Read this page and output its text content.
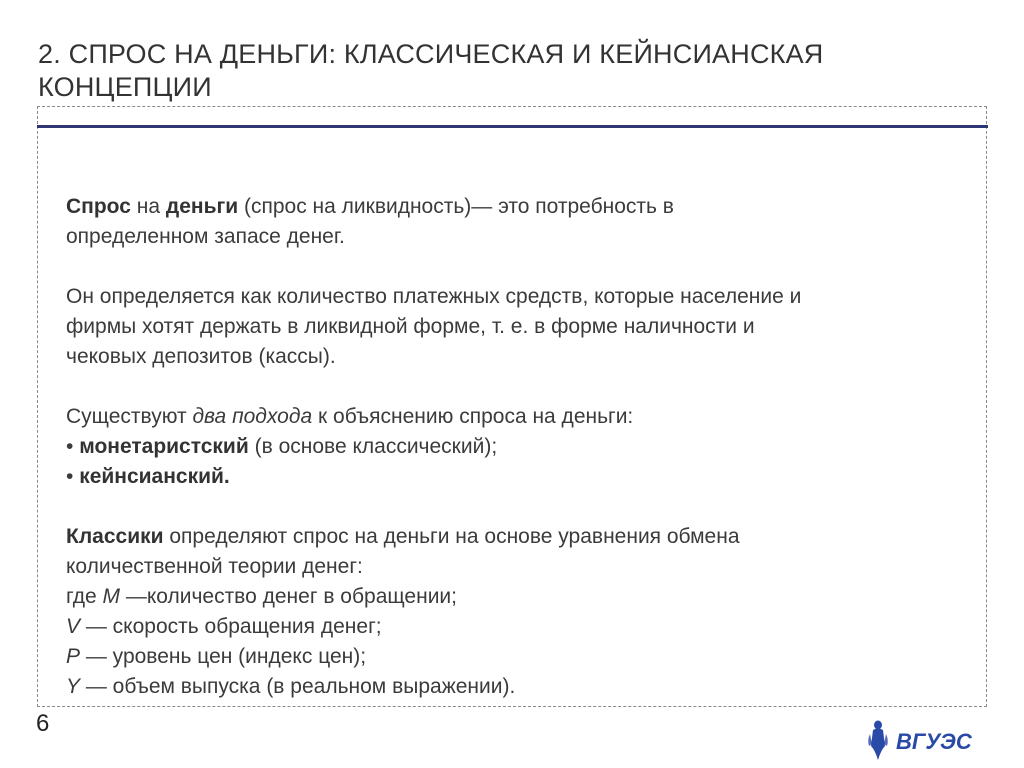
2. СПРОС НА ДЕНЬГИ: КЛАССИЧЕСКАЯ И КЕЙНСИАНСКАЯ
КОНЦЕПЦИИ

Спрос на деньги (спрос на ликвидность)— это потребность в
определенном запасе денег.

Он определяется как количество платежных средств, которые население и
фирмы хотят держать в ликвидной форме, т. е. в форме наличности и
чековых депозитов (кассы).

Существуют два подхода к объяснению спроса на деньги:
• монетаристский (в основе классический);
• кейнсианский.

Классики определяют спрос на деньги на основе уравнения обмена
количественной теории денег:
где M —количество денег в обращении;
V — скорость обращения денег;
P — уровень цен (индекс цен);
Y — объем выпуска (в реальном выражении).

6
ВГУЭС
